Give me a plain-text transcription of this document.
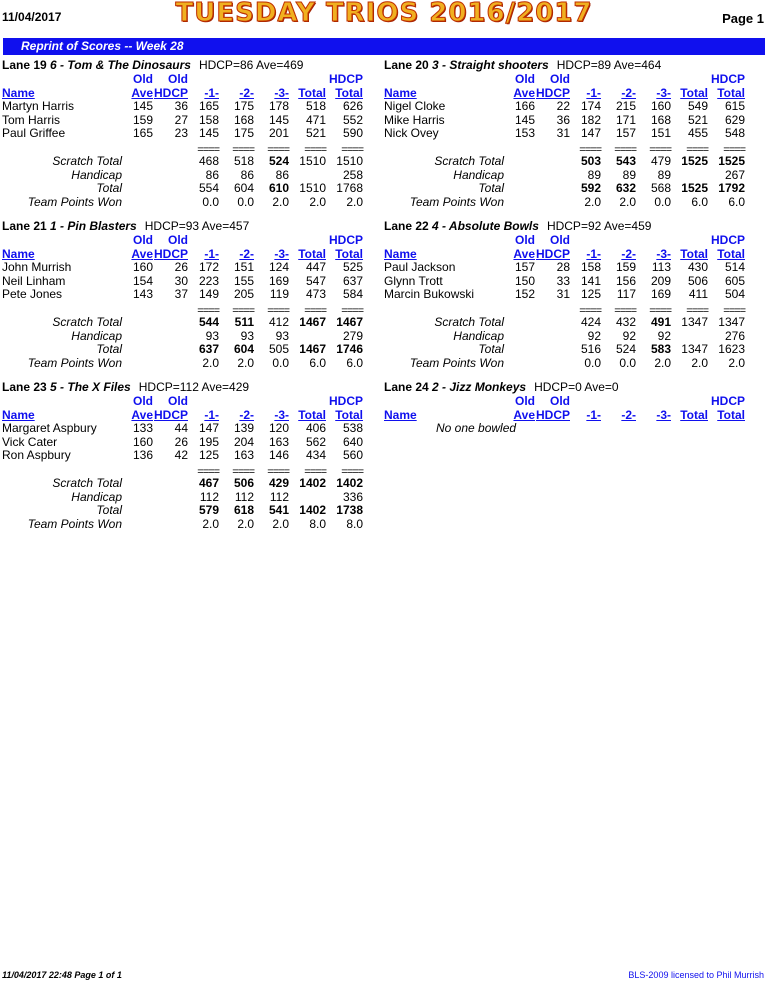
11/04/2017	TUESDAY TRIOS 2016/2017	Page 1
Reprint of Scores -- Week 28
Lane 19 6 - Tom & The Dinosaurs HDCP=86 Ave=469
Old Old	HDCP
Name	Ave HDCP -1- -2- -3- Total Total
Martyn Harris	145 36 165 175 178 518 626
Tom Harris	159 27 158 168 145 471 552
Paul Griffee	165 23 145 175 201 521 590
==== ==== ==== ==== ====
Scratch Total	468 518 524 1510 1510
Handicap	86 86 86	258
Total	554 604 610 1510 1768
Team Points Won	0.0 0.0 2.0 2.0 2.0
Lane 20 3 - Straight shooters HDCP=89 Ave=464
Old Old	HDCP
Name	Ave HDCP -1- -2- -3- Total Total
Nigel Cloke	166 22 174 215 160 549 615
Mike Harris	145 36 182 171 168 521 629
Nick Ovey	153 31 147 157 151 455 548
==== ==== ==== ==== ====
Scratch Total	503 543 479 1525 1525
Handicap	89 89 89	267
Total	592 632 568 1525 1792
Team Points Won	2.0 2.0 0.0 6.0 6.0
Lane 21 1 - Pin Blasters HDCP=93 Ave=457
Old Old	HDCP
Name	Ave HDCP -1- -2- -3- Total Total
John Murrish	160 26 172 151 124 447 525
Neil Linham	154 30 223 155 169 547 637
Pete Jones	143 37 149 205 119 473 584
==== ==== ==== ==== ====
Scratch Total	544 511 412 1467 1467
Handicap	93 93 93	279
Total	637 604 505 1467 1746
Team Points Won	2.0 2.0 0.0 6.0 6.0
Lane 22 4 - Absolute Bowls HDCP=92 Ave=459
Old Old	HDCP
Name	Ave HDCP -1- -2- -3- Total Total
Paul Jackson	157 28 158 159 113 430 514
Glynn Trott	150 33 141 156 209 506 605
Marcin Bukowski	152 31 125 117 169 411 504
==== ==== ==== ==== ====
Scratch Total	424 432 491 1347 1347
Handicap	92 92 92	276
Total	516 524 583 1347 1623
Team Points Won	0.0 0.0 2.0 2.0 2.0
Lane 23 5 - The X Files HDCP=112 Ave=429
Old Old	HDCP
Name	Ave HDCP -1- -2- -3- Total Total
Margaret Aspbury	133 44 147 139 120 406 538
Vick Cater	160 26 195 204 163 562 640
Ron Aspbury	136 42 125 163 146 434 560
==== ==== ==== ==== ====
Scratch Total	467 506 429 1402 1402
Handicap	112 112 112	336
Total	579 618 541 1402 1738
Team Points Won	2.0 2.0 2.0 8.0 8.0
Lane 24 2 - Jizz Monkeys HDCP=0 Ave=0
Old Old	HDCP
Name	Ave HDCP -1- -2- -3- Total Total
No one bowled
11/04/2017 22:48 Page 1 of 1	BLS-2009 licensed to Phil Murrish
